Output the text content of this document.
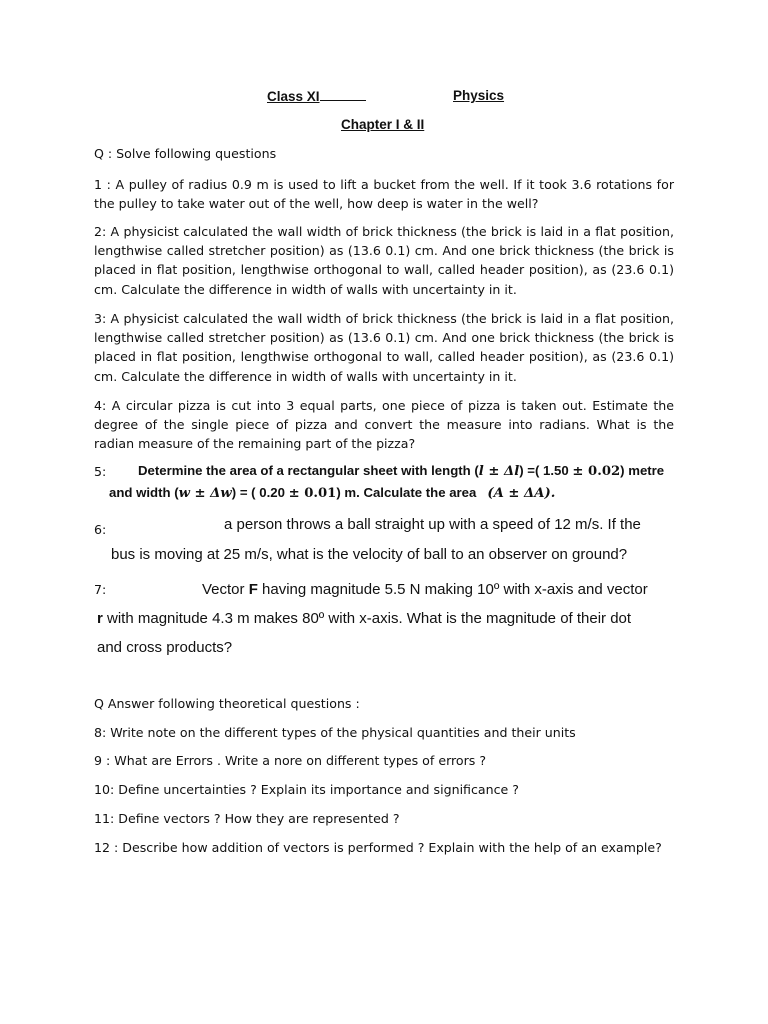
Class XI	Physics
Chapter I & II
Q : Solve following questions
1 : A pulley of radius 0.9 m is used to lift a bucket from the well. If it took 3.6 rotations for the pulley to take water out of the well, how deep is water in the well?
2: A physicist calculated the wall width of brick thickness (the brick is laid in a flat position, lengthwise called stretcher position) as (13.6 0.1) cm. And one brick thickness (the brick is placed in flat position, lengthwise orthogonal to wall, called header position), as (23.6 0.1) cm. Calculate the difference in width of walls with uncertainty in it.
3: A physicist calculated the wall width of brick thickness (the brick is laid in a flat position, lengthwise called stretcher position) as (13.6 0.1) cm. And one brick thickness (the brick is placed in flat position, lengthwise orthogonal to wall, called header position), as (23.6 0.1) cm. Calculate the difference in width of walls with uncertainty in it.
4: A circular pizza is cut into 3 equal parts, one piece of pizza is taken out. Estimate the degree of the single piece of pizza and convert the measure into radians. What is the radian measure of the remaining part of the pizza?
5: Determine the area of a rectangular sheet with length (l ± Δl) =( 1.50 ± 0.02) metre
and width (w ± Δw) = ( 0.20 ± 0.01) m. Calculate the area (A ± ΔA).
6:	a person throws a ball straight up with a speed of 12 m/s. If the
bus is moving at 25 m/s, what is the velocity of ball to an observer on ground?
7:	Vector F having magnitude 5.5 N making 10º with x-axis and vector
r with magnitude 4.3 m makes 80º with x-axis. What is the magnitude of their dot
and cross products?
Q Answer following theoretical questions :
8: Write note on the different types of the physical quantities and their units
9 : What are Errors . Write a nore on different types of errors ?
10: Define uncertainties ? Explain its importance and significance ?
11: Define vectors ? How they are represented ?
12 : Describe how addition of vectors is performed ? Explain with the help of an example?
